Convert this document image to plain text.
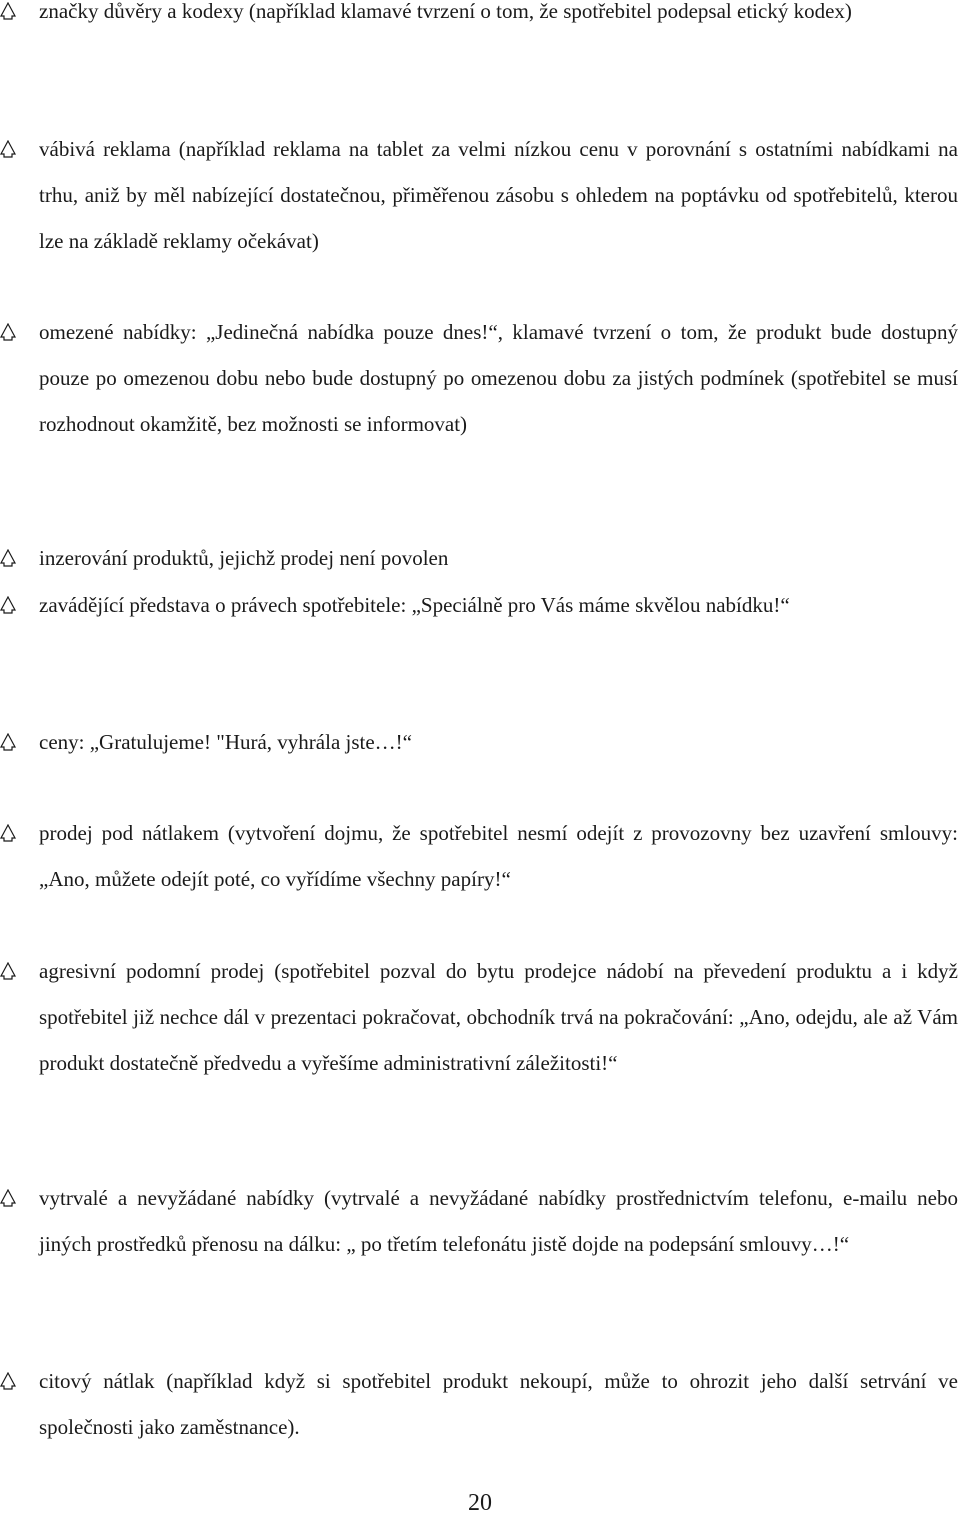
značky důvěry a kodexy (například klamavé tvrzení o tom, že spotřebitel podepsal etický kodex)

vábivá reklama (například reklama na tablet za velmi nízkou cenu v porovnání s ostatními nabídkami na trhu, aniž by měl nabízející dostatečnou, přiměřenou zásobu s ohledem na poptávku od spotřebitelů, kterou lze na základě reklamy očekávat)

omezené nabídky: „Jedinečná nabídka pouze dnes!“, klamavé tvrzení o tom, že produkt bude dostupný pouze po omezenou dobu nebo bude dostupný po omezenou dobu za jistých podmínek (spotřebitel se musí rozhodnout okamžitě, bez možnosti se informovat)

inzerování produktů, jejichž prodej není povolen

zavádějící představa o právech spotřebitele: „Speciálně pro Vás máme skvělou nabídku!“

ceny: „Gratulujeme! "Hurá, vyhrála jste…!“

prodej pod nátlakem (vytvoření dojmu, že spotřebitel nesmí odejít z provozovny bez uzavření smlouvy: „Ano, můžete odejít poté, co vyřídíme všechny papíry!“

agresivní podomní prodej (spotřebitel pozval do bytu prodejce nádobí na převedení produktu a i když spotřebitel již nechce dál v prezentaci pokračovat, obchodník trvá na pokračování: „Ano, odejdu, ale až Vám produkt dostatečně předvedu a vyřešíme administrativní záležitosti!“

vytrvalé a nevyžádané nabídky (vytrvalé a nevyžádané nabídky prostřednictvím telefonu, e-mailu nebo jiných prostředků přenosu na dálku: „ po třetím telefonátu jistě dojde na podepsání smlouvy…!“

citový nátlak (například když si spotřebitel produkt nekoupí, může to ohrozit jeho další setrvání ve společnosti jako zaměstnance).

20
